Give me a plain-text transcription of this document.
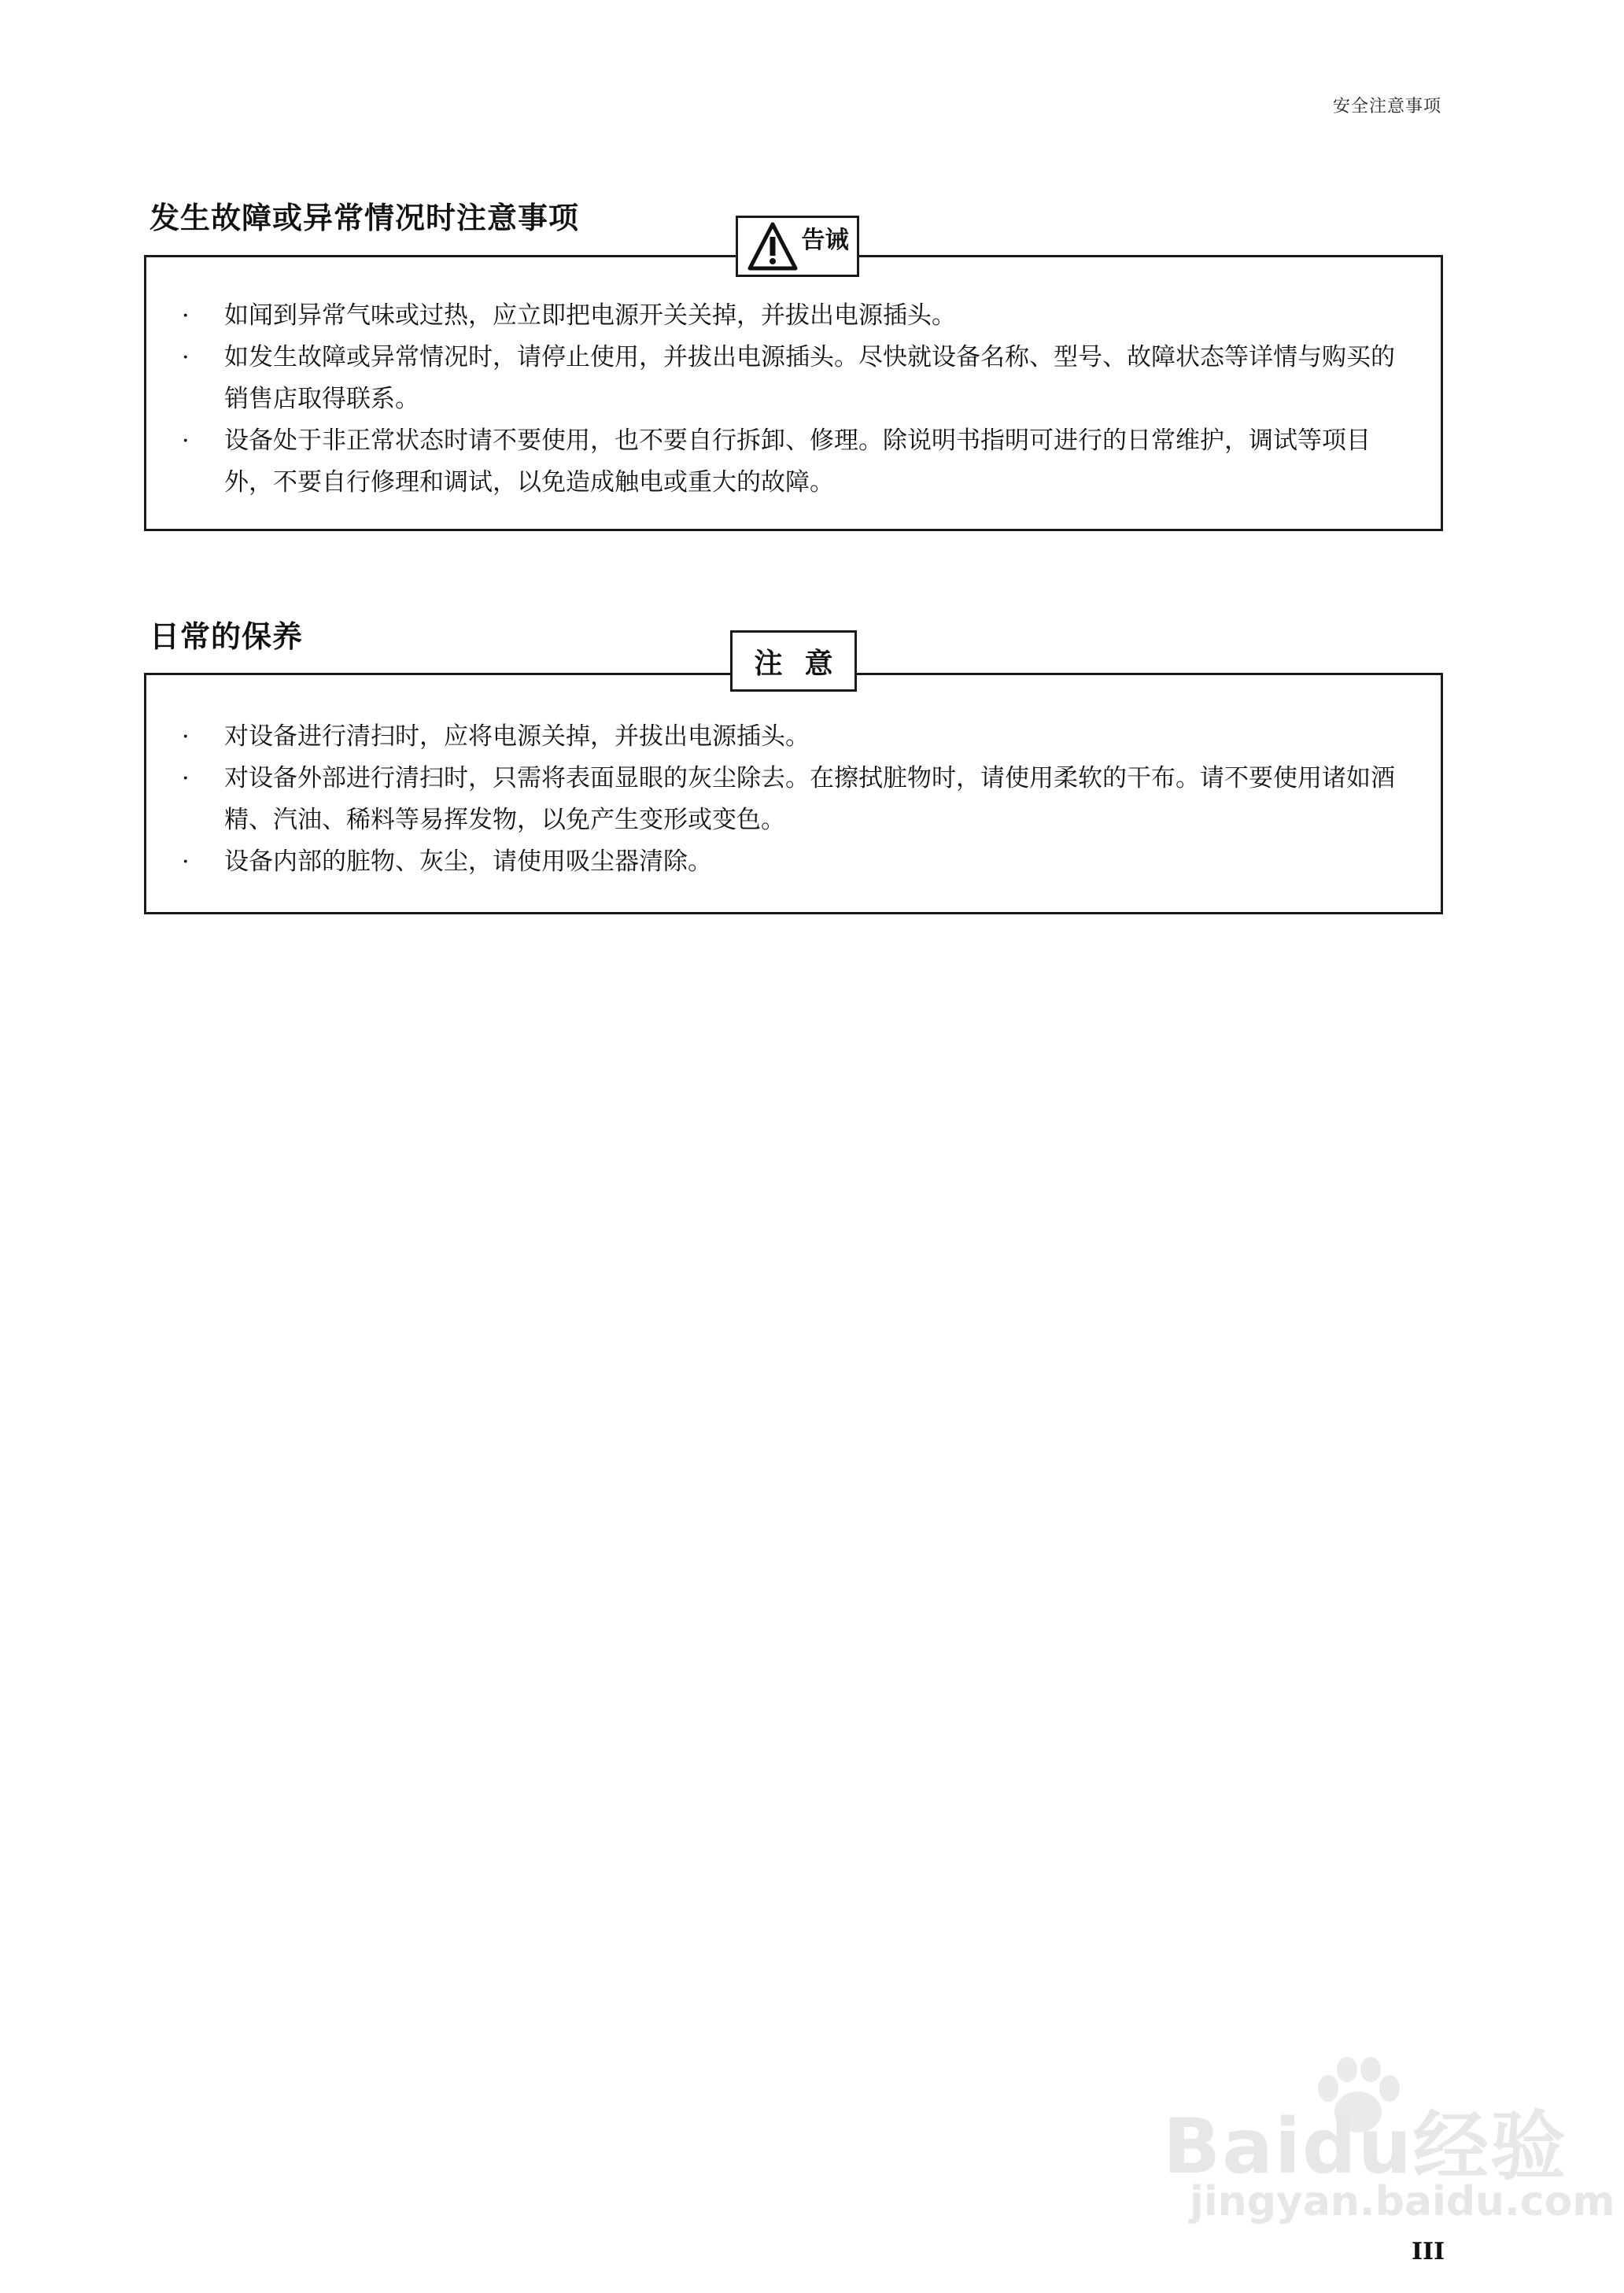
安全注意事项
发生故障或异常情况时注意事项
· 如闻到异常气味或过热，应立即把电源开关关掉，并拔出电源插头。
· 如发生故障或异常情况时，请停止使用，并拔出电源插头。尽快就设备名称、型号、故障状态等详情与购买的销售店取得联系。
· 设备处于非正常状态时请不要使用，也不要自行拆卸、修理。除说明书指明可进行的日常维护，调试等项目外，不要自行修理和调试，以免造成触电或重大的故障。
告诫
日常的保养
· 对设备进行清扫时，应将电源关掉，并拔出电源插头。
· 对设备外部进行清扫时，只需将表面显眼的灰尘除去。在擦拭脏物时，请使用柔软的干布。请不要使用诸如酒精、汽油、稀料等易挥发物，以免产生变形或变色。
· 设备内部的脏物、灰尘，请使用吸尘器清除。
注意
Baidu经验
jingyan.baidu.com
III
